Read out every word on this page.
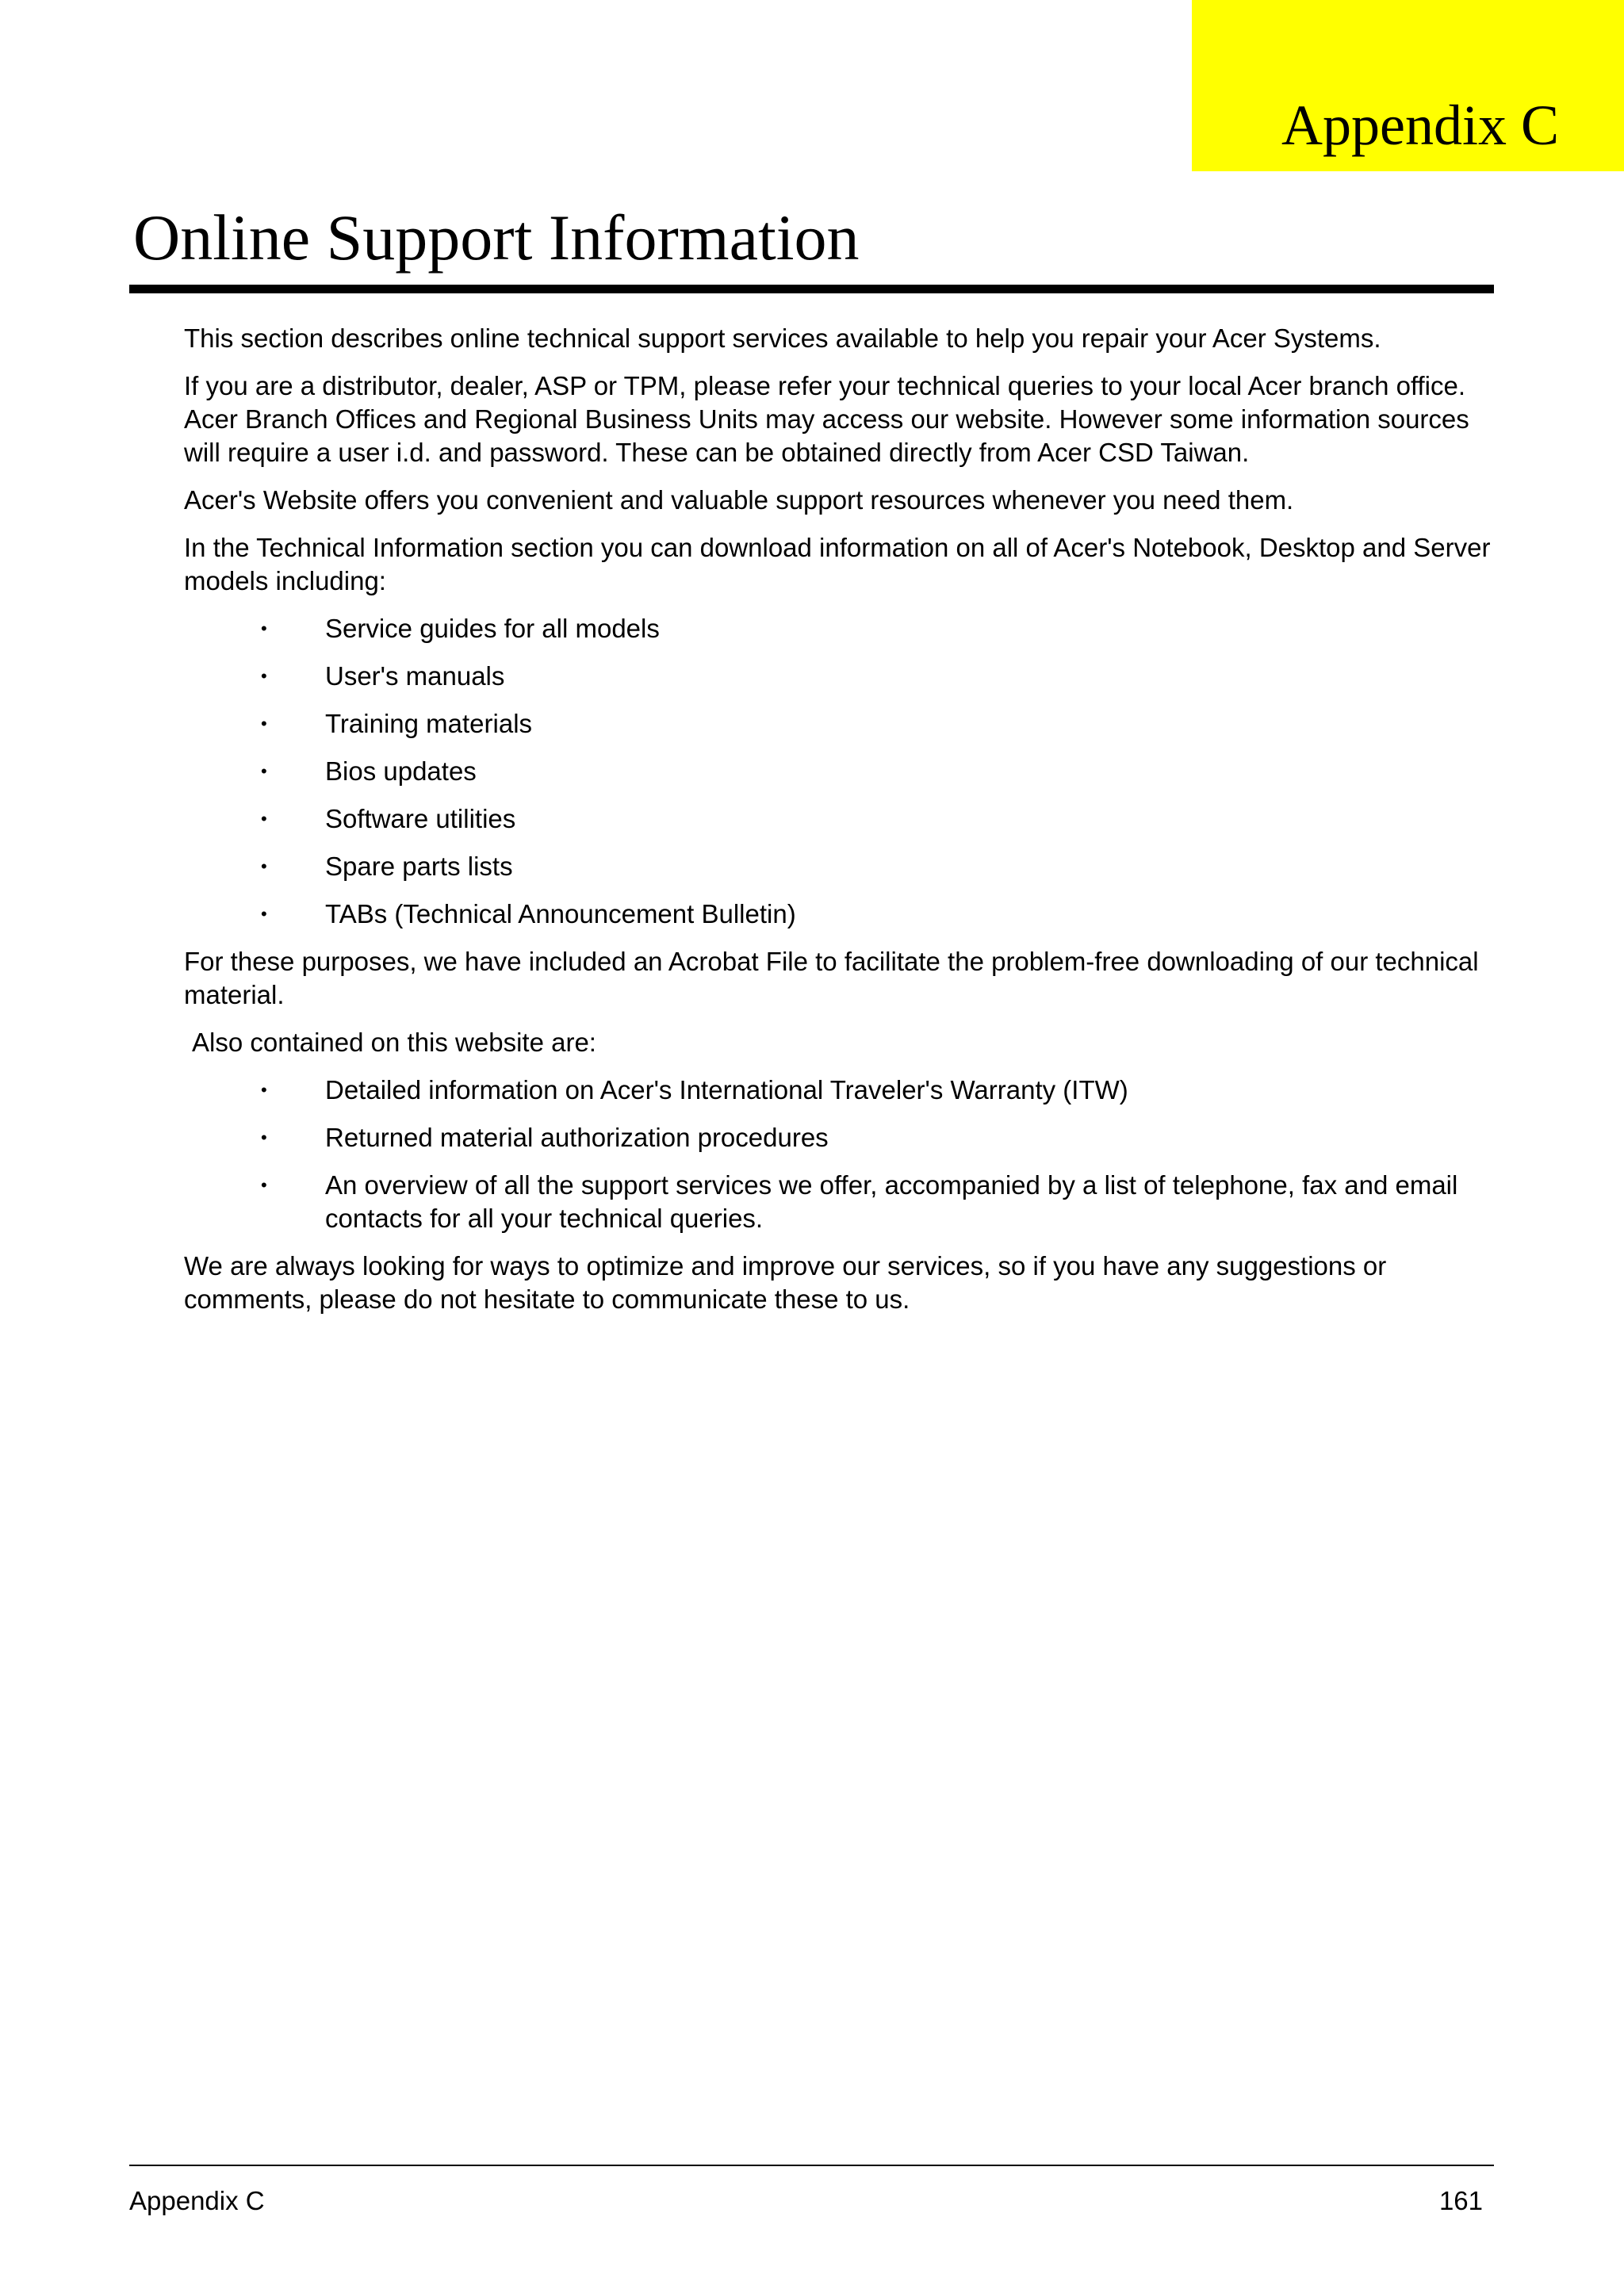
Appendix C
Online Support Information

This section describes online technical support services available to help you repair your Acer Systems.

If you are a distributor, dealer, ASP or TPM, please refer your technical queries to your local Acer branch office. Acer Branch Offices and Regional Business Units may access our website. However some information sources will require a user i.d. and password. These can be obtained directly from Acer CSD Taiwan.

Acer's Website offers you convenient and valuable support resources whenever you need them.

In the Technical Information section you can download information on all of Acer's Notebook, Desktop and Server models including:

• Service guides for all models
• User's manuals
• Training materials
• Bios updates
• Software utilities
• Spare parts lists
• TABs (Technical Announcement Bulletin)

For these purposes, we have included an Acrobat File to facilitate the problem-free downloading of our technical material.

Also contained on this website are:

• Detailed information on Acer's International Traveler's Warranty (ITW)
• Returned material authorization procedures
• An overview of all the support services we offer, accompanied by a list of telephone, fax and email contacts for all your technical queries.

We are always looking for ways to optimize and improve our services, so if you have any suggestions or comments, please do not hesitate to communicate these to us.

Appendix C	161
